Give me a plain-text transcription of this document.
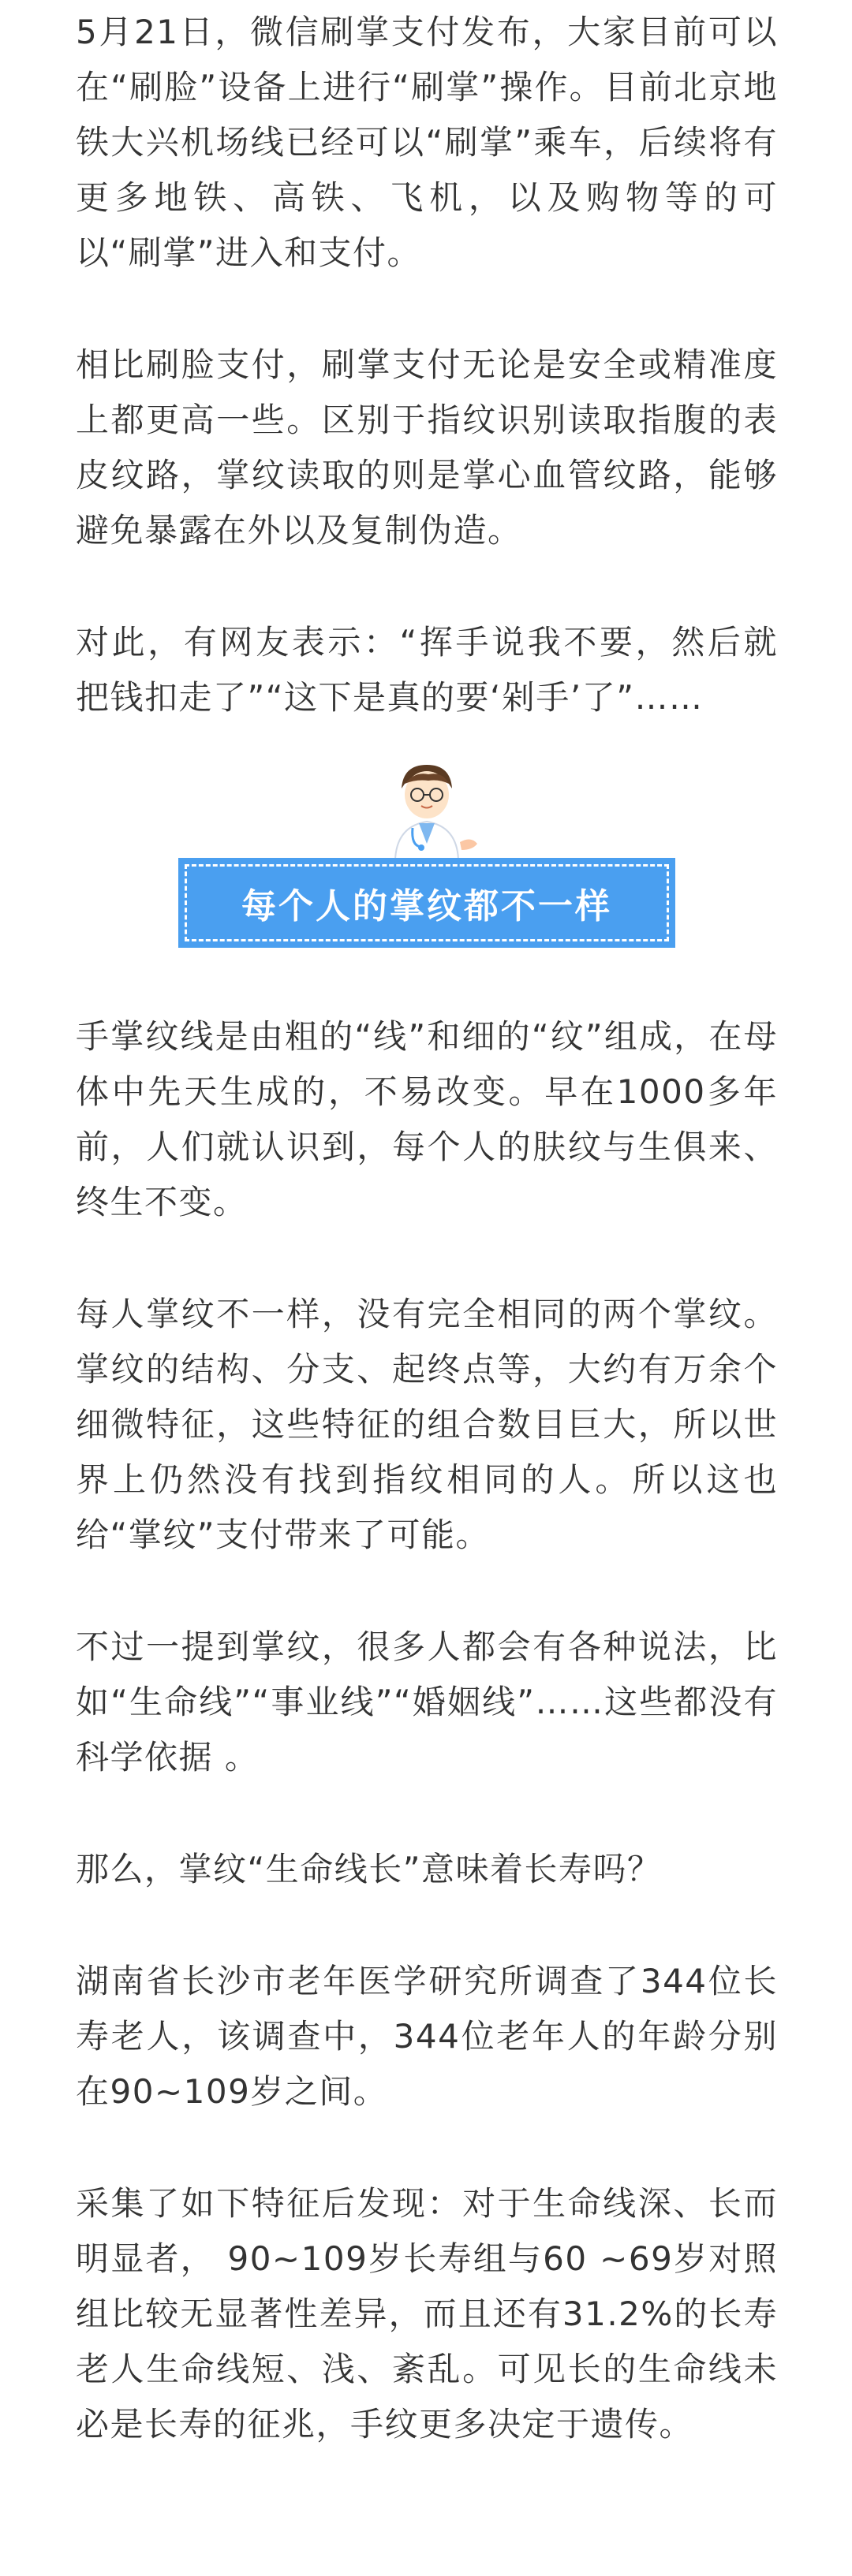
5月21日，微信刷掌支付发布，大家目前可以在“刷脸”设备上进行“刷掌”操作。目前北京地铁大兴机场线已经可以“刷掌”乘车，后续将有更多地铁、高铁、飞机，以及购物等的可以“刷掌”进入和支付。

相比刷脸支付，刷掌支付无论是安全或精准度上都更高一些。区别于指纹识别读取指腹的表皮纹路，掌纹读取的则是掌心血管纹路，能够避免暴露在外以及复制伪造。

对此，有网友表示：“挥手说我不要，然后就把钱扣走了”“这下是真的要‘剁手’了”……

每个人的掌纹都不一样

手掌纹线是由粗的“线”和细的“纹”组成，在母体中先天生成的，不易改变。早在1000多年前，人们就认识到，每个人的肤纹与生俱来、终生不变。

每人掌纹不一样，没有完全相同的两个掌纹。掌纹的结构、分支、起终点等，大约有万余个细微特征，这些特征的组合数目巨大，所以世界上仍然没有找到指纹相同的人。所以这也给“掌纹”支付带来了可能。

不过一提到掌纹，很多人都会有各种说法，比如“生命线”“事业线”“婚姻线”……这些都没有科学依据 。

那么，掌纹“生命线长”意味着长寿吗？

湖南省长沙市老年医学研究所调查了344位长寿老人，该调查中，344位老年人的年龄分别在90~109岁之间。

采集了如下特征后发现：对于生命线深、长而明显者， 90~109岁长寿组与60 ~69岁对照组比较无显著性差异，而且还有31.2%的长寿老人生命线短、浅、紊乱。可见长的生命线未必是长寿的征兆，手纹更多决定于遗传。
